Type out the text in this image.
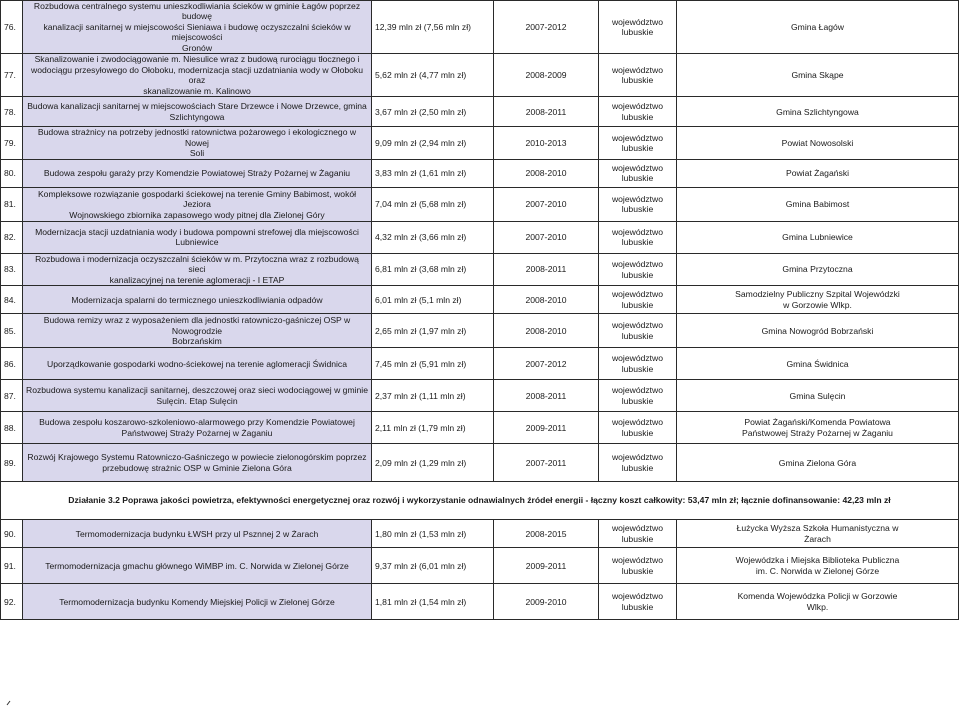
76.	Rozbudowa centralnego systemu unieszkodliwiania ścieków w gminie Łagów poprzez budowę
kanalizacji sanitarnej w miejscowości Sieniawa i budowę oczyszczalni ścieków w miejscowości
Gronów	12,39 mln zł (7,56 mln zł)	2007-2012	województwo
lubuskie	Gmina Łagów

77.	Skanalizowanie i zwodociągowanie m. Niesulice wraz z budową rurociągu tłocznego i
wodociągu przesyłowego do Ołoboku, modernizacja stacji uzdatniania wody w Ołoboku oraz
skanalizowanie m. Kalinowo	5,62 mln zł (4,77 mln zł)	2008-2009	województwo
lubuskie	Gmina Skąpe

78.	Budowa kanalizacji sanitarnej w miejscowościach Stare Drzewce i Nowe Drzewce, gmina
Szlichtyngowa	3,67 mln zł (2,50 mln zł)	2008-2011	województwo
lubuskie	Gmina Szlichtyngowa

79.	Budowa strażnicy na potrzeby jednostki ratownictwa pożarowego i ekologicznego w Nowej
Soli	9,09 mln zł (2,94 mln zł)	2010-2013	województwo
lubuskie	Powiat Nowosolski

80.	Budowa zespołu garaży przy Komendzie Powiatowej Straży Pożarnej w Żaganiu	3,83 mln zł (1,61 mln zł)	2008-2010	województwo
lubuskie	Powiat Żagański

81.	Kompleksowe rozwiązanie gospodarki ściekowej na terenie Gminy Babimost, wokół Jeziora
Wojnowskiego zbiornika zapasowego wody pitnej dla Zielonej Góry	7,04 mln zł (5,68 mln zł)	2007-2010	województwo
lubuskie	Gmina Babimost

82.	Modernizacja stacji uzdatniania wody i budowa pompowni strefowej dla miejscowości
Lubniewice	4,32 mln zł (3,66 mln zł)	2007-2010	województwo
lubuskie	Gmina Lubniewice

83.	Rozbudowa i modernizacja oczyszczalni ścieków w m. Przytoczna wraz z rozbudową sieci
kanalizacyjnej na terenie aglomeracji - I ETAP	6,81 mln zł (3,68 mln zł)	2008-2011	województwo
lubuskie	Gmina Przytoczna

84.	Modernizacja spalarni do termicznego unieszkodliwiania odpadów	6,01 mln zł (5,1 mln zł)	2008-2010	województwo
lubuskie	Samodzielny Publiczny Szpital Wojewódzki
w Gorzowie Wlkp.

85.	Budowa remizy wraz z wyposażeniem dla jednostki ratowniczo-gaśniczej OSP w Nowogrodzie
Bobrzańskim	2,65 mln zł (1,97 mln zł)	2008-2010	województwo
lubuskie	Gmina Nowogród Bobrzański

86.	Uporządkowanie gospodarki wodno-ściekowej na terenie aglomeracji Świdnica	7,45 mln zł (5,91 mln zł)	2007-2012	województwo
lubuskie	Gmina Świdnica

87.	Rozbudowa systemu kanalizacji sanitarnej, deszczowej oraz sieci wodociągowej w gminie
Sulęcin. Etap Sulęcin	2,37 mln zł (1,11 mln zł)	2008-2011	województwo
lubuskie	Gmina Sulęcin

88.	Budowa zespołu koszarowo-szkoleniowo-alarmowego przy Komendzie Powiatowej
Państwowej Straży Pożarnej w Żaganiu	2,11 mln zł (1,79 mln zł)	2009-2011	województwo
lubuskie	Powiat Żagański/Komenda Powiatowa
Państwowej Straży Pożarnej w Żaganiu

89.	Rozwój Krajowego Systemu Ratowniczo-Gaśniczego w powiecie zielonogórskim poprzez
przebudowę strażnic OSP w Gminie Zielona Góra	2,09 mln zł (1,29 mln zł)	2007-2011	województwo
lubuskie	Gmina Zielona Góra

Działanie 3.2 Poprawa jakości powietrza, efektywności energetycznej oraz rozwój i wykorzystanie odnawialnych źródeł energii - łączny koszt całkowity: 53,47 mln zł; łącznie dofinansowanie: 42,23 mln zł					

90.	Termomodernizacja budynku ŁWSH przy ul Psznnej 2 w Żarach	1,80 mln zł (1,53 mln zł)	2008-2015	województwo
lubuskie	Łużycka Wyższa Szkoła Humanistyczna w
Żarach

91.	Termomodernizacja gmachu głównego WiMBP im. C. Norwida w Zielonej Górze	9,37 mln zł (6,01 mln zł)	2009-2011	województwo
lubuskie	Wojewódzka i Miejska Biblioteka Publiczna
im. C. Norwida w Zielonej Górze

92.	Termomodernizacja budynku Komendy Miejskiej Policji w Zielonej Górze	1,81 mln zł (1,54 mln zł)	2009-2010	województwo
lubuskie	Komenda Wojewódzka Policji w Gorzowie
Wlkp.
